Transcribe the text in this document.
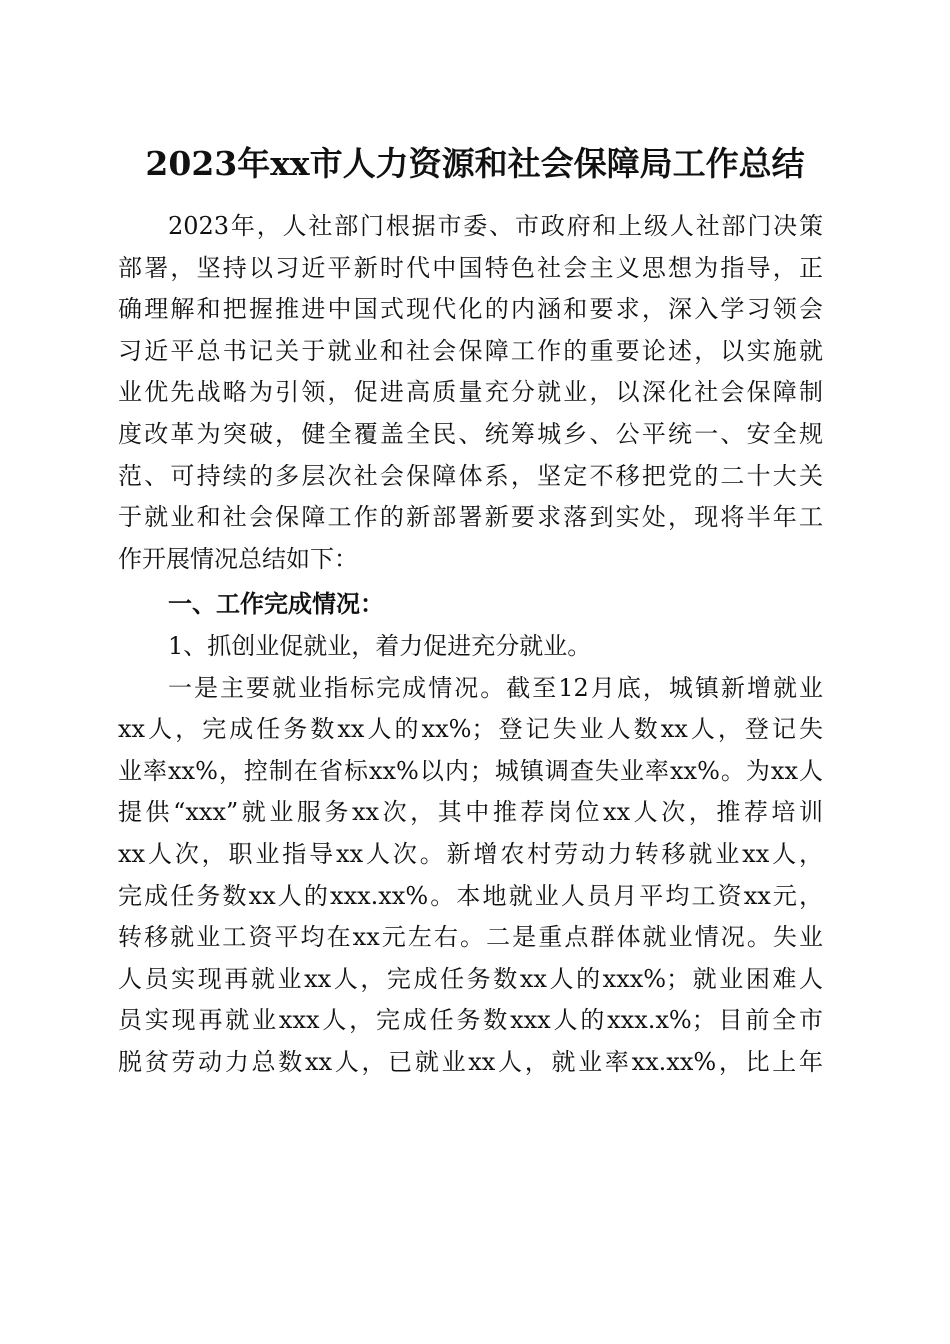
2023年xx市人力资源和社会保障局工作总结
2023年，人社部门根据市委、市政府和上级人社部门决策
部署，坚持以习近平新时代中国特色社会主义思想为指导，正
确理解和把握推进中国式现代化的内涵和要求，深入学习领会
习近平总书记关于就业和社会保障工作的重要论述，以实施就
业优先战略为引领，促进高质量充分就业，以深化社会保障制
度改革为突破，健全覆盖全民、统筹城乡、公平统一、安全规
范、可持续的多层次社会保障体系，坚定不移把党的二十大关
于就业和社会保障工作的新部署新要求落到实处，现将半年工
作开展情况总结如下：
一、工作完成情况：
1、抓创业促就业，着力促进充分就业。
一是主要就业指标完成情况。截至12月底，城镇新增就业
xx人，完成任务数xx人的xx%；登记失业人数xx人，登记失
业率xx%，控制在省标xx%以内；城镇调查失业率xx%。为xx人
提供“xxx”就业服务xx次，其中推荐岗位xx人次，推荐培训
xx人次，职业指导xx人次。新增农村劳动力转移就业xx人，
完成任务数xx人的xxx.xx%。本地就业人员月平均工资xx元，
转移就业工资平均在xx元左右。二是重点群体就业情况。失业
人员实现再就业xx人，完成任务数xx人的xxx%；就业困难人
员实现再就业xxx人，完成任务数xxx人的xxx.x%；目前全市
脱贫劳动力总数xx人，已就业xx人，就业率xx.xx%，比上年
